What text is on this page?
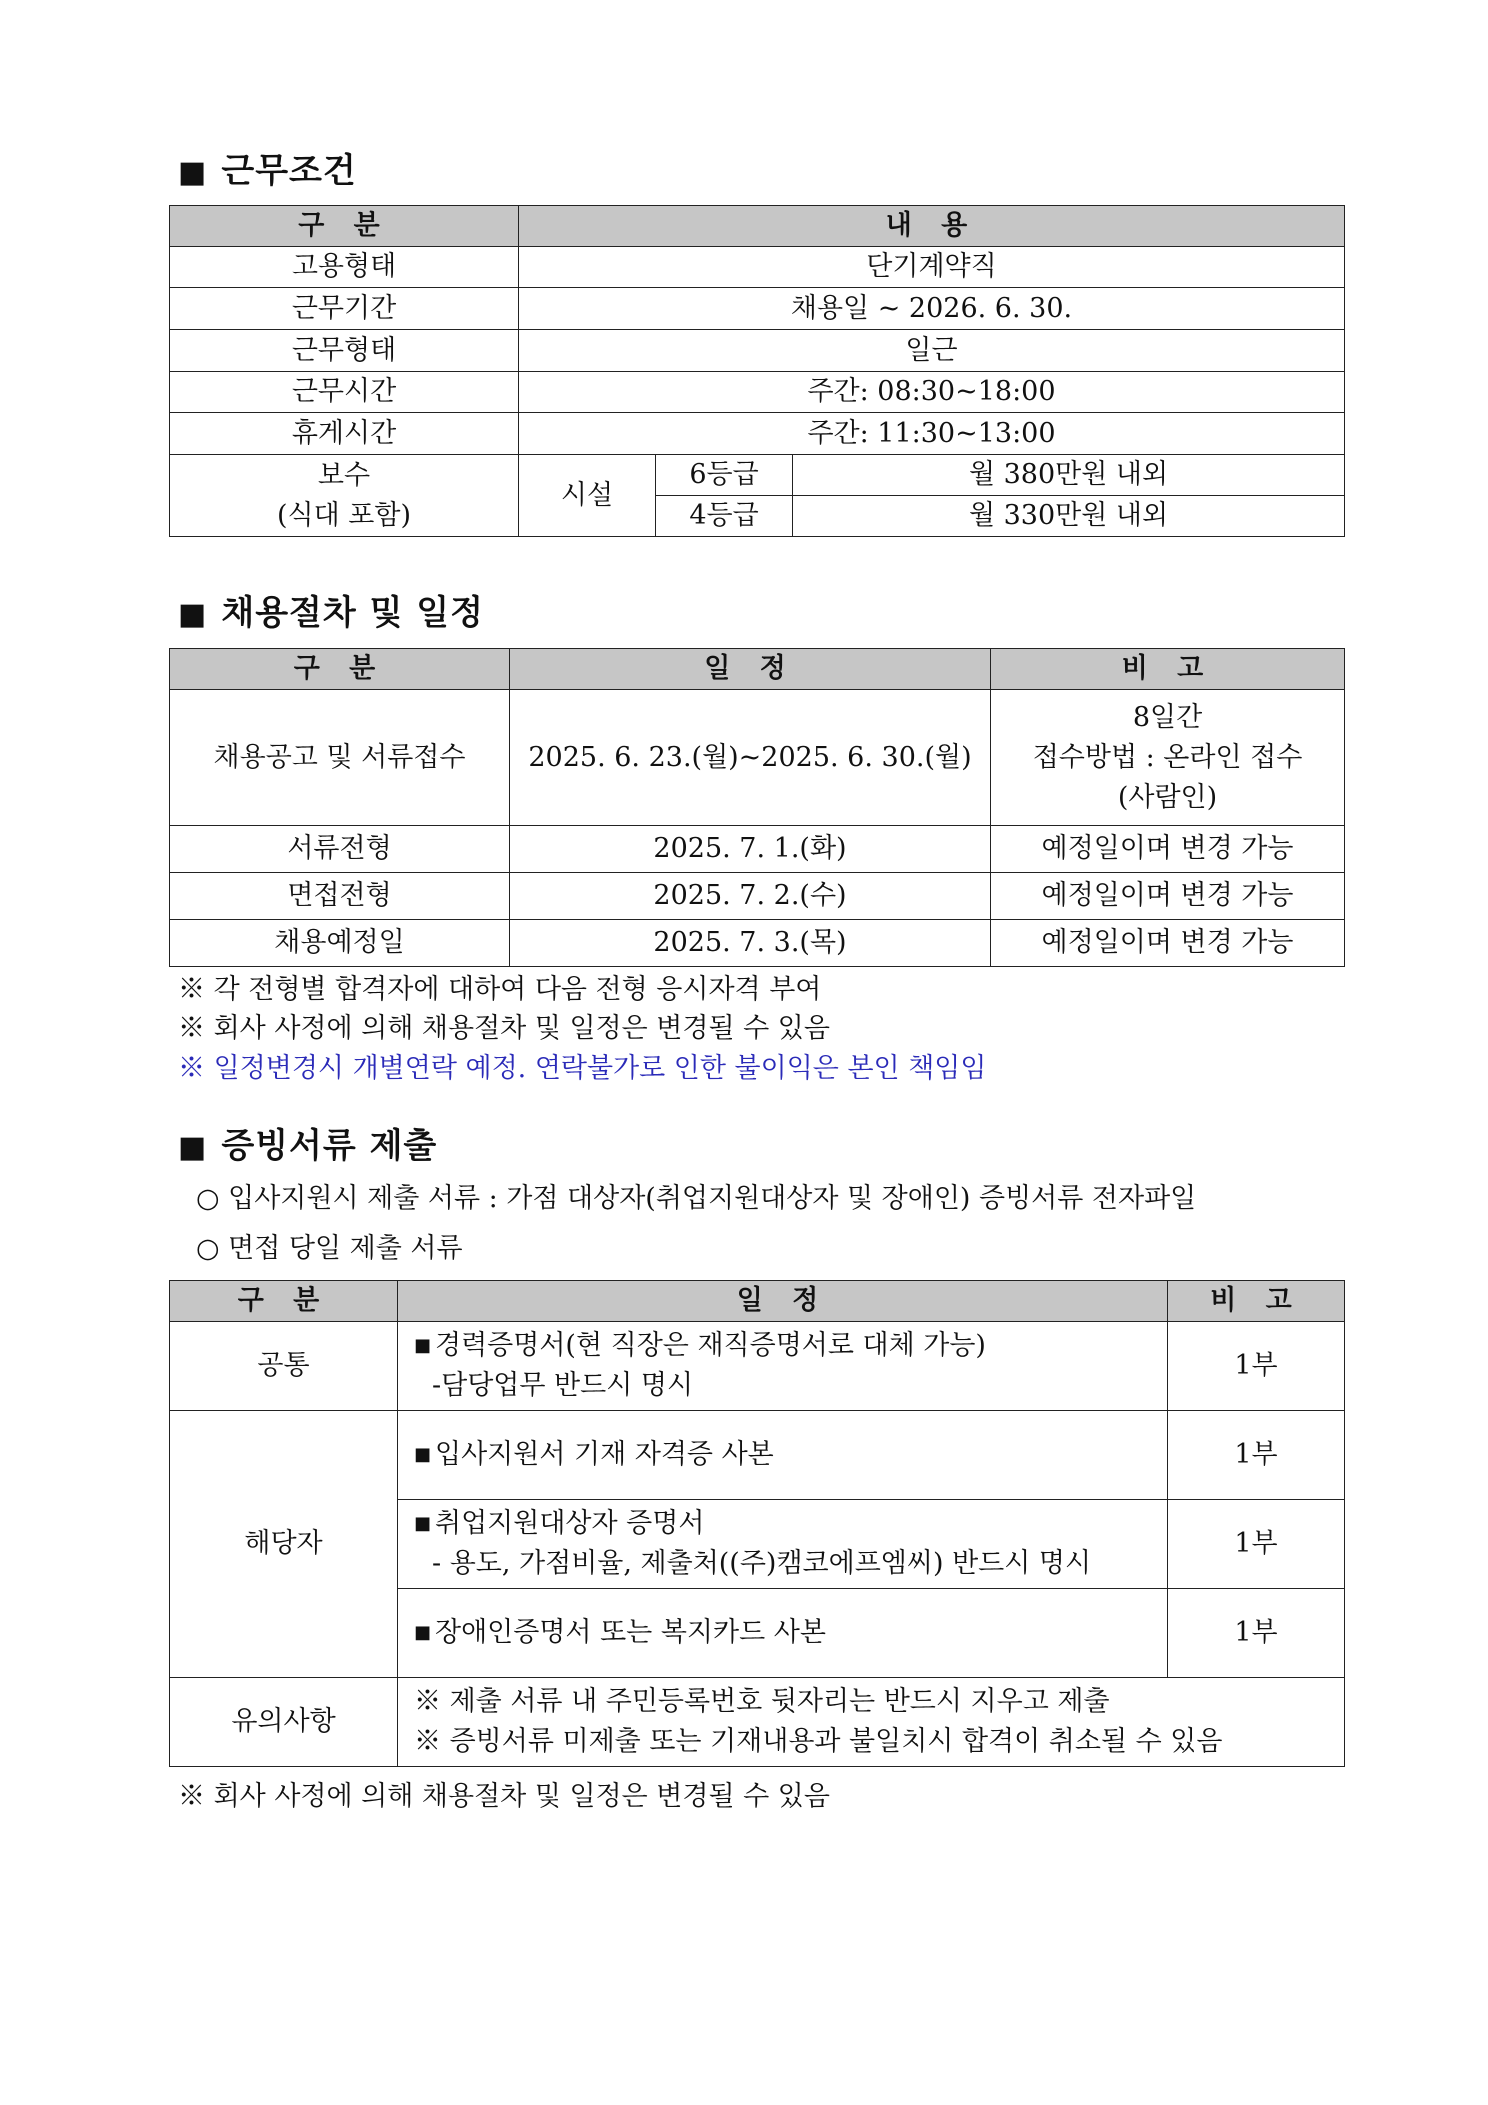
■ 근무조건
구 분	내 용		
고용형태	단기계약직		
근무기간	채용일 ~ 2026. 6. 30.		
근무형태	일근		
근무시간	주간: 08:30~18:00		
휴게시간	주간: 11:30~13:00		

보수
(식대 포함)	시설	6등급	월 380만원 내외
		4등급	월 330만원 내외
■ 채용절차 및 일정
구 분	일 정	비 고
채용공고 및 서류접수	2025. 6. 23.(월)~2025. 6. 30.(월)	8일간
접수방법 : 온라인 접수
(사람인)

서류전형	2025. 7. 1.(화)	예정일이며 변경 가능
면접전형	2025. 7. 2.(수)	예정일이며 변경 가능
채용예정일	2025. 7. 3.(목)	예정일이며 변경 가능
※ 각 전형별 합격자에 대하여 다음 전형 응시자격 부여
※ 회사 사정에 의해 채용절차 및 일정은 변경될 수 있음
※ 일정변경시 개별연락 예정. 연락불가로 인한 불이익은 본인 책임임
■ 증빙서류 제출
○ 입사지원시 제출 서류 : 가점 대상자(취업지원대상자 및 장애인) 증빙서류 전자파일
○ 면접 당일 제출 서류
구 분	일 정	비 고
공통	■ 경력증명서(현 직장은 재직증명서로 대체 가능)
-담당업무 반드시 명시	1부
해당자	■ 입사지원서 기재 자격증 사본	1부

	■ 취업지원대상자 증명서
- 용도, 가점비율, 제출처((주)캠코에프엠씨) 반드시 명시	1부

	■ 장애인증명서 또는 복지카드 사본	1부
유의사항	※ 제출 서류 내 주민등록번호 뒷자리는 반드시 지우고 제출
※ 증빙서류 미제출 또는 기재내용과 불일치시 합격이 취소될 수 있음	
※ 회사 사정에 의해 채용절차 및 일정은 변경될 수 있음
